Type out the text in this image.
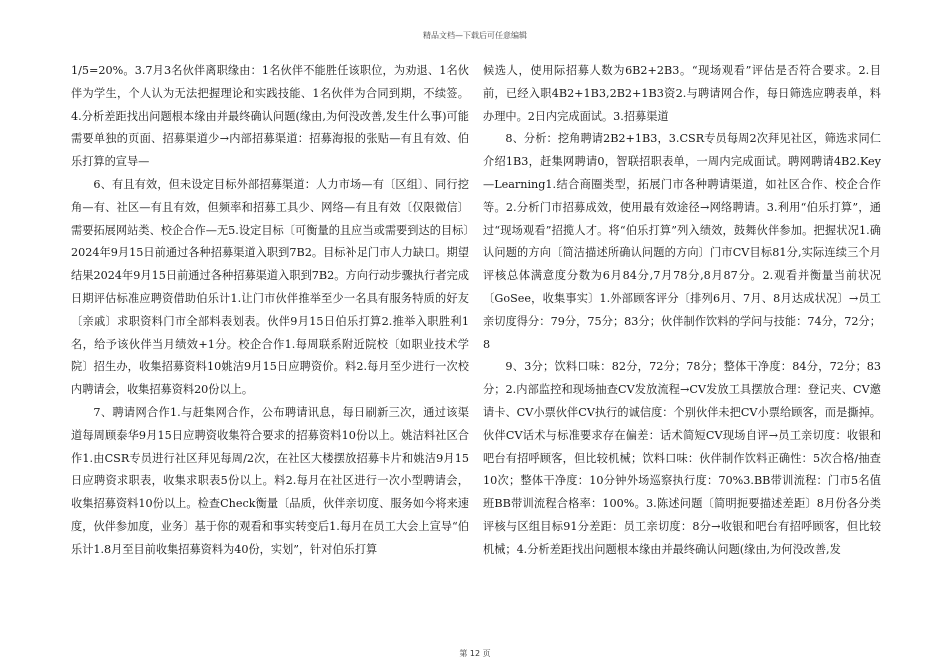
精品文档—下载后可任意编辑

1/5=20%。3.7月3名伙伴离职缘由：1名伙伴不能胜任该职位，为劝退、1名伙伴为学生，个人认为无法把握理论和实践技能、1名伙伴为合同到期，不续签。4.分析差距找出问题根本缘由并最终确认问题(缘由,为何没改善,发生什么事)可能需要单独的页面、招募渠道少→内部招募渠道：招募海报的张贴—有且有效、伯乐打算的宣导—

6、有且有效，但未设定目标外部招募渠道：人力市场—有〔区组〕、同行挖角—有、社区—有且有效，但频率和招募工具少、网络—有且有效〔仅限微信〕需要拓展网站类、校企合作—无5.设定目标〔可衡量的且应当或需要到达的目标〕2024年9月15日前通过各种招募渠道入职到7B2。目标补足门市人力缺口。期望结果2024年9月15日前通过各种招募渠道入职到7B2。方向行动步骤执行者完成日期评估标准应聘资借助伯乐计1.让门市伙伴推举至少一名具有服务特质的好友〔亲戚〕求职资料门市全部料表划表。伙伴9月15日伯乐打算2.推举入职胜利1名，给予该伙伴当月绩效+1分。校企合作1.每周联系附近院校〔如职业技术学院〕招生办，收集招募资料10姚洁9月15日应聘资价。料2.每月至少进行一次校内聘请会，收集招募资料20份以上。

7、聘请网合作1.与赶集网合作，公布聘请讯息，每日刷新三次，通过该渠道每周顾泰华9月15日应聘资收集符合要求的招募资料10份以上。姚洁料社区合作1.由CSR专员进行社区拜见每周/2次，在社区大楼摆放招募卡片和姚洁9月15日应聘资求职表，收集求职表5份以上。料2.每月在社区进行一次小型聘请会，收集招募资料10份以上。检查Check衡量〔品质，伙伴亲切度、服务如今将来速度，伙伴参加度，业务〕基于你的观看和事实转变后1.每月在员工大会上宣导“伯乐计1.8月至目前收集招募资料为40份，实划”，针对伯乐打算

候选人，使用际招募人数为6B2+2B3。“现场观看”评估是否符合要求。2.目前，已经入职4B2+1B3,2B2+1B3资2.与聘请网合作，每日筛选应聘表单，料办理中。2日内完成面试。3.招募渠道

8、分析：挖角聘请2B2+1B3，3.CSR专员每周2次拜见社区，筛选求同仁介绍1B3，赶集网聘请0，智联招职表单，一周内完成面试。聘网聘请4B2.Key—Learning1.结合商圈类型，拓展门市各种聘请渠道，如社区合作、校企合作等。2.分析门市招募成效，使用最有效途径→网络聘请。3.利用“伯乐打算”，通过“现场观看”招揽人才。将“伯乐打算”列入绩效，鼓舞伙伴参加。把握状况1.确认问题的方向〔简洁描述所确认问题的方向〕门市CV目标81分,实际连续三个月评核总体满意度分数为6月84分,7月78分,8月87分。2.观看并衡量当前状况〔GoSee，收集事实〕1.外部顾客评分〔排列6月、7月、8月达成状况〕→员工亲切度得分：79分，75分；83分；伙伴制作饮料的学问与技能：74分，72分；8

9、3分；饮料口味：82分，72分；78分；整体干净度：84分，72分；83分；2.内部监控和现场抽查CV发放流程→CV发放工具摆放合理：登记夹、CV邀请卡、CV小票伙伴CV执行的诚信度：个别伙伴未把CV小票给顾客，而是撕掉。伙伴CV话术与标准要求存在偏差：话术简短CV现场自评→员工亲切度：收银和吧台有招呼顾客，但比较机械；饮料口味：伙伴制作饮料正确性：5次合格/抽查10次；整体干净度：10分钟外场巡察执行度：70%3.BB带训流程：门市5名值班BB带训流程合格率：100%。3.陈述问题〔简明扼要描述差距〕8月份各分类评核与区组目标91分差距：员工亲切度：8分→收银和吧台有招呼顾客，但比较机械；4.分析差距找出问题根本缘由并最终确认问题(缘由,为何没改善,发

第 12 页
